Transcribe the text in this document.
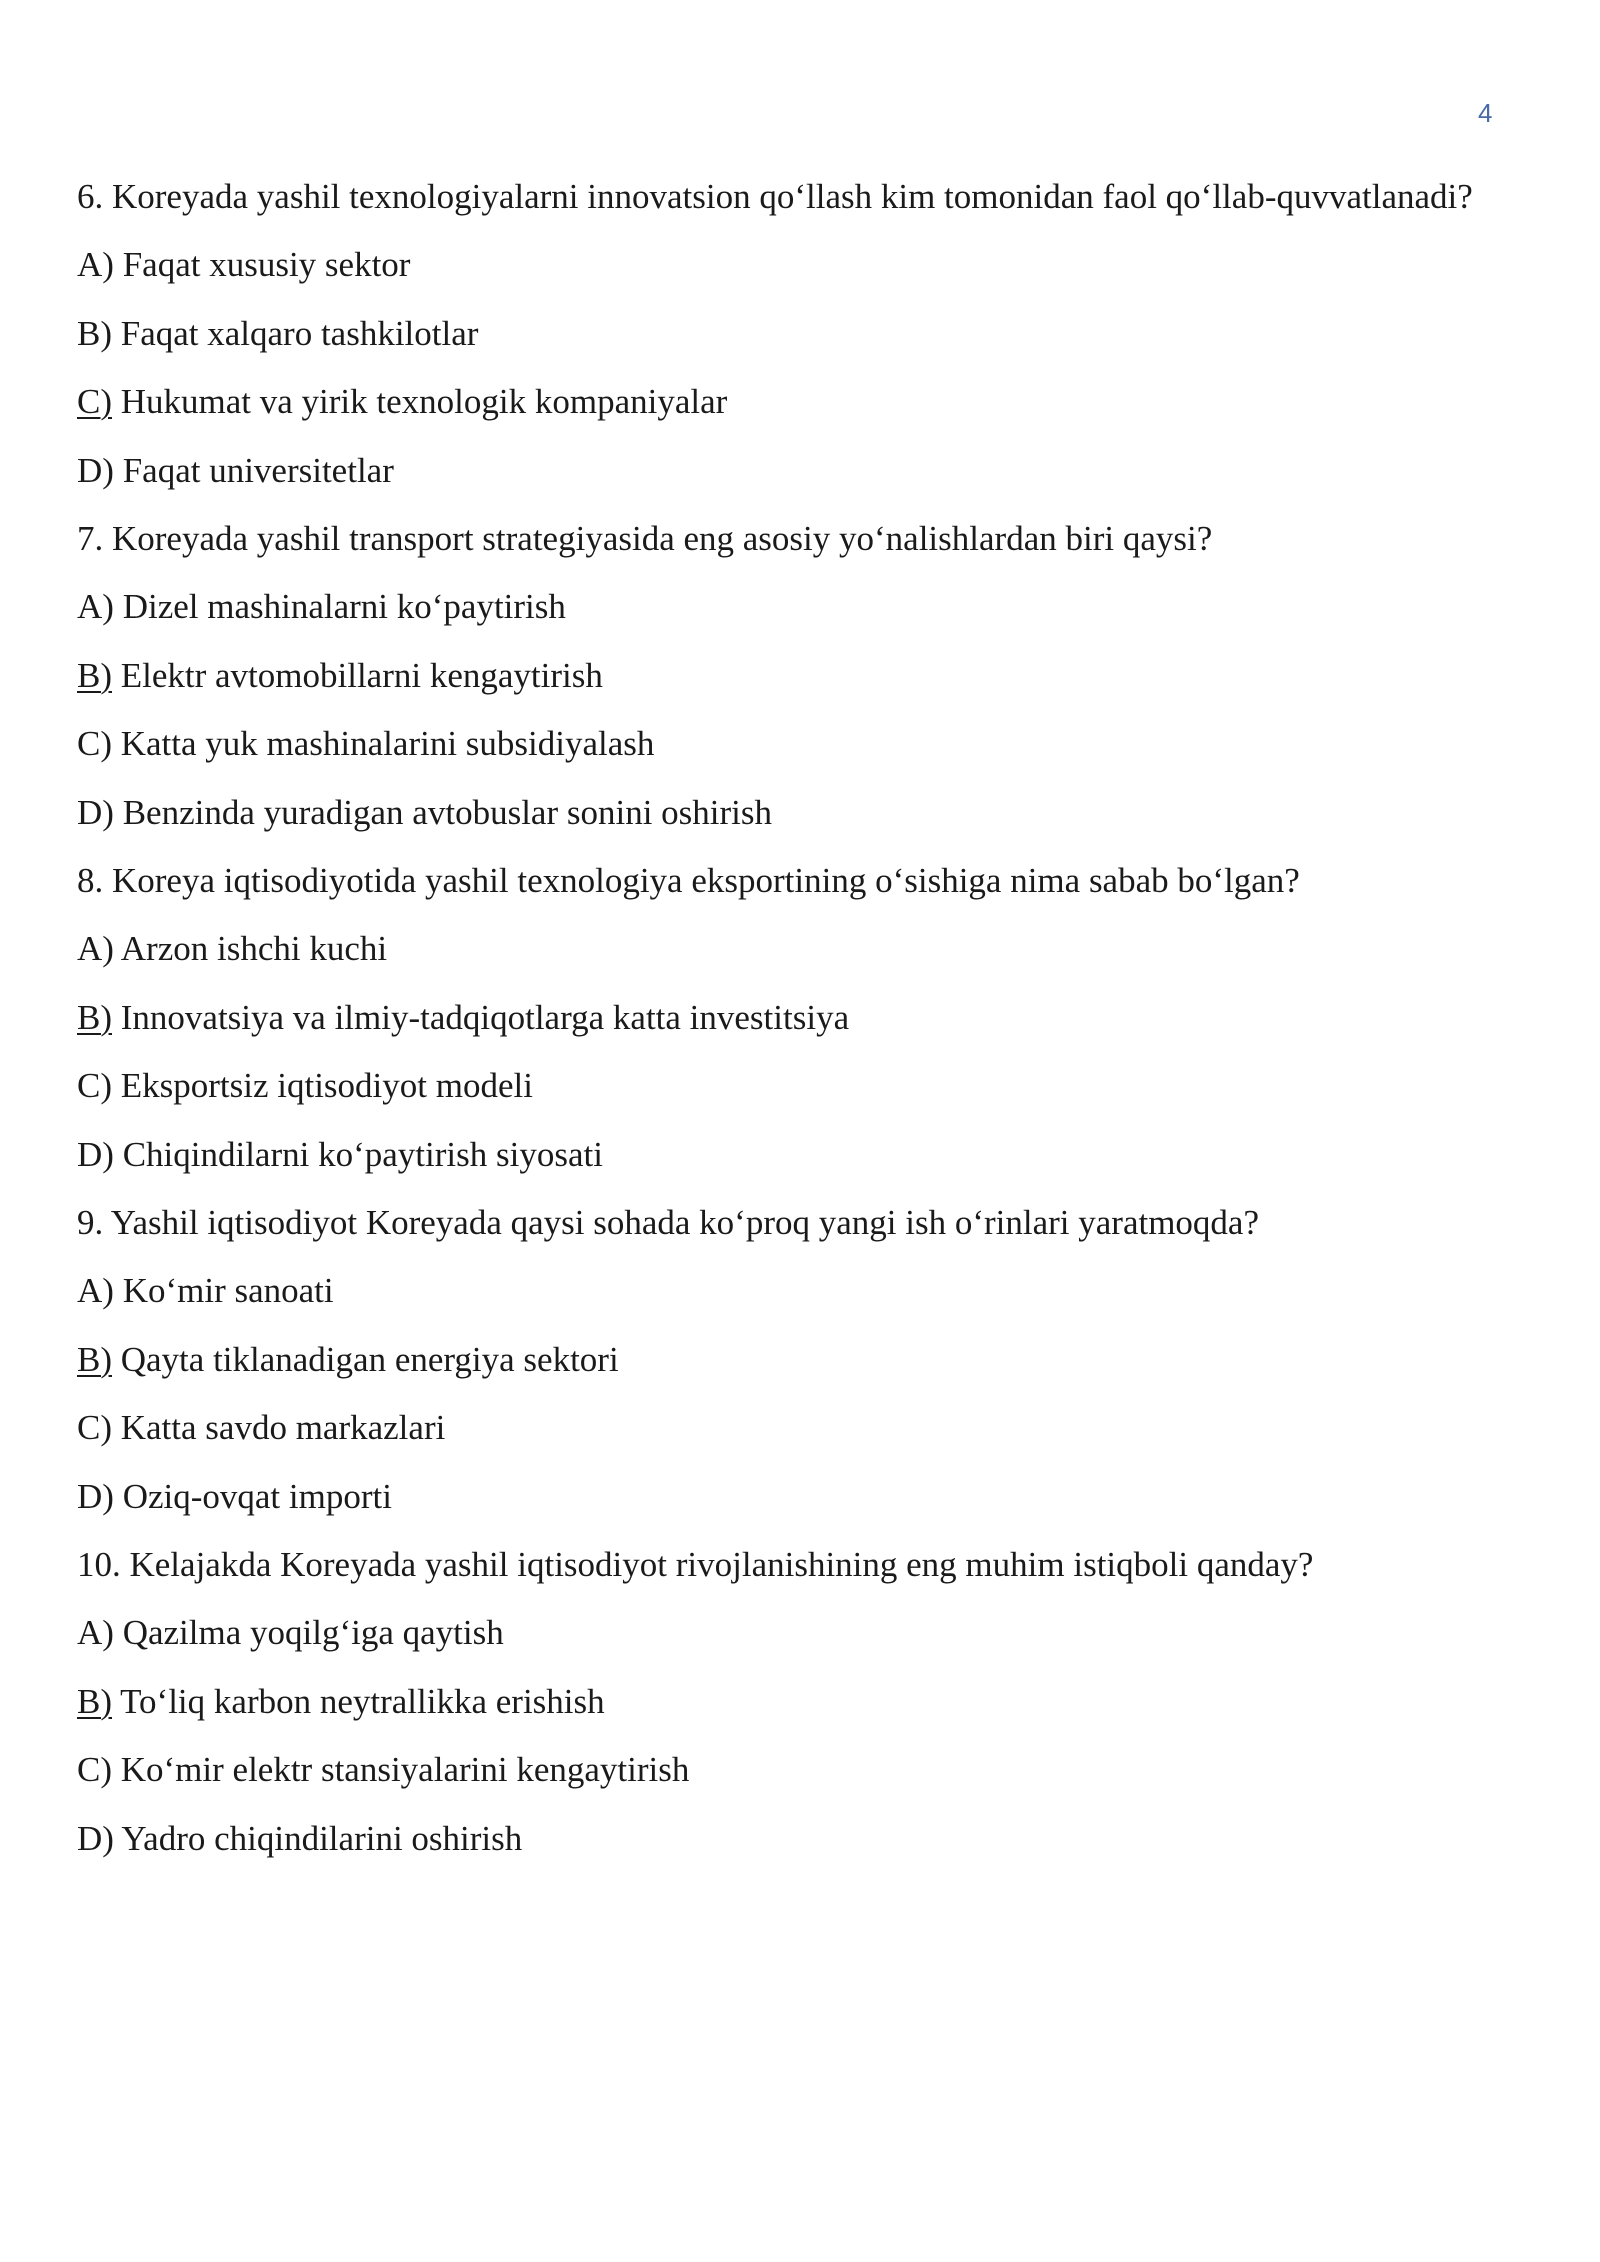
4

6. Koreyada yashil texnologiyalarni innovatsion qo‘llash kim tomonidan faol qo‘llab-quvvatlanadi?

A) Faqat xususiy sektor
B) Faqat xalqaro tashkilotlar
C) Hukumat va yirik texnologik kompaniyalar
D) Faqat universitetlar

7. Koreyada yashil transport strategiyasida eng asosiy yo‘nalishlardan biri qaysi?

A) Dizel mashinalarni ko‘paytirish
B) Elektr avtomobillarni kengaytirish
C) Katta yuk mashinalarini subsidiyalash
D) Benzinda yuradigan avtobuslar sonini oshirish

8. Koreya iqtisodiyotida yashil texnologiya eksportining o‘sishiga nima sabab bo‘lgan?

A) Arzon ishchi kuchi
B) Innovatsiya va ilmiy-tadqiqotlarga katta investitsiya
C) Eksportsiz iqtisodiyot modeli
D) Chiqindilarni ko‘paytirish siyosati

9. Yashil iqtisodiyot Koreyada qaysi sohada ko‘proq yangi ish o‘rinlari yaratmoqda?

A) Ko‘mir sanoati
B) Qayta tiklanadigan energiya sektori
C) Katta savdo markazlari
D) Oziq-ovqat importi

10. Kelajakda Koreyada yashil iqtisodiyot rivojlanishining eng muhim istiqboli qanday?

A) Qazilma yoqilg‘iga qaytish
B) To‘liq karbon neytrallikka erishish
C) Ko‘mir elektr stansiyalarini kengaytirish
D) Yadro chiqindilarini oshirish
